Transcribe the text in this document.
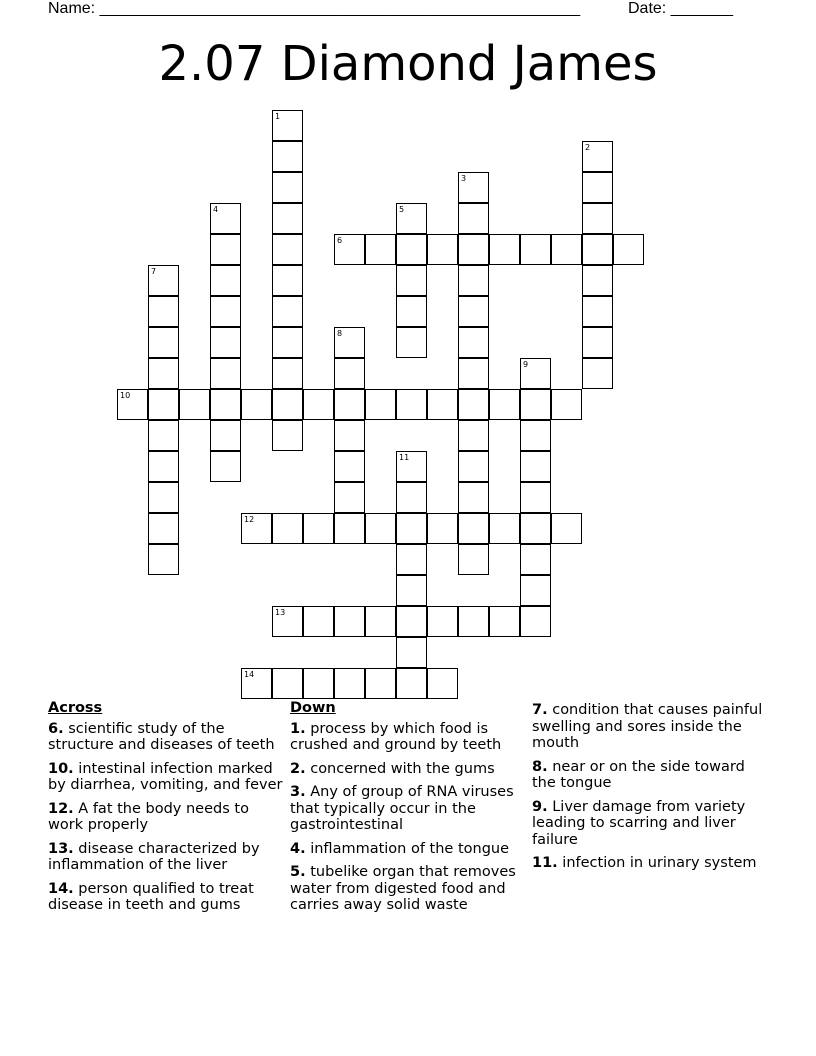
Name: ______________________________________________________	Date: _______
2.07 Diamond James
1
2
3
4	5
6
7
8
9
10
11
12
13
14
Across
6. scientific study of the structure and diseases of teeth
10. intestinal infection marked by diarrhea, vomiting, and fever
12. A fat the body needs to work properly
13. disease characterized by inflammation of the liver
14. person qualified to treat disease in teeth and gums
Down
1. process by which food is crushed and ground by teeth
2. concerned with the gums
3. Any of group of RNA viruses that typically occur in the gastrointestinal
4. inflammation of the tongue
5. tubelike organ that removes water from digested food and carries away solid waste
7. condition that causes painful swelling and sores inside the mouth
8. near or on the side toward the tongue
9. Liver damage from variety leading to scarring and liver failure
11. infection in urinary system
